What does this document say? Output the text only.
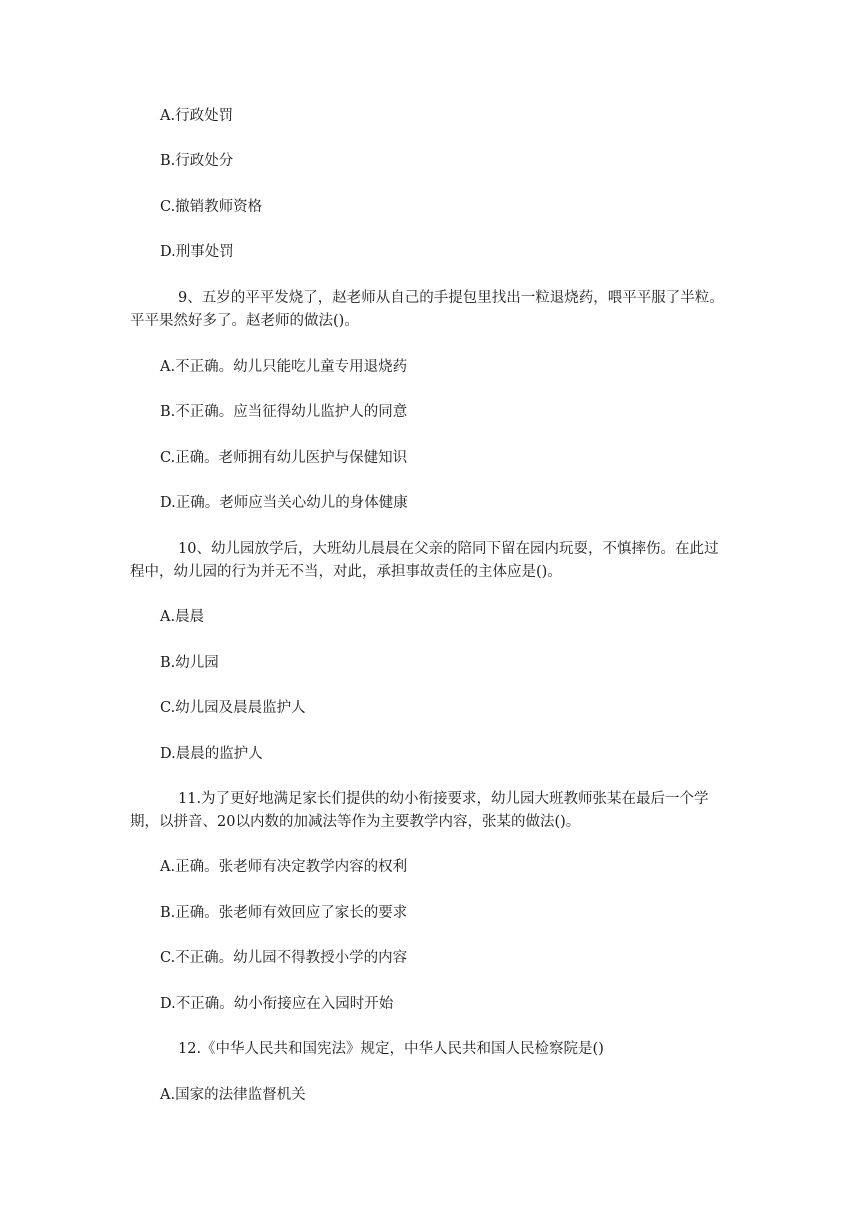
A.行政处罚
B.行政处分
C.撤销教师资格
D.刑事处罚
9、五岁的平平发烧了，赵老师从自己的手提包里找出一粒退烧药，喂平平服了半粒。
平平果然好多了。赵老师的做法()。
A.不正确。幼儿只能吃儿童专用退烧药
B.不正确。应当征得幼儿监护人的同意
C.正确。老师拥有幼儿医护与保健知识
D.正确。老师应当关心幼儿的身体健康
10、幼儿园放学后，大班幼儿晨晨在父亲的陪同下留在园内玩耍，不慎摔伤。在此过
程中，幼儿园的行为并无不当，对此，承担事故责任的主体应是()。
A.晨晨
B.幼儿园
C.幼儿园及晨晨监护人
D.晨晨的监护人
11.为了更好地满足家长们提供的幼小衔接要求，幼儿园大班教师张某在最后一个学
期，以拼音、20以内数的加减法等作为主要教学内容，张某的做法()。
A.正确。张老师有决定教学内容的权利
B.正确。张老师有效回应了家长的要求
C.不正确。幼儿园不得教授小学的内容
D.不正确。幼小衔接应在入园时开始
12.《中华人民共和国宪法》规定，中华人民共和国人民检察院是()
A.国家的法律监督机关
